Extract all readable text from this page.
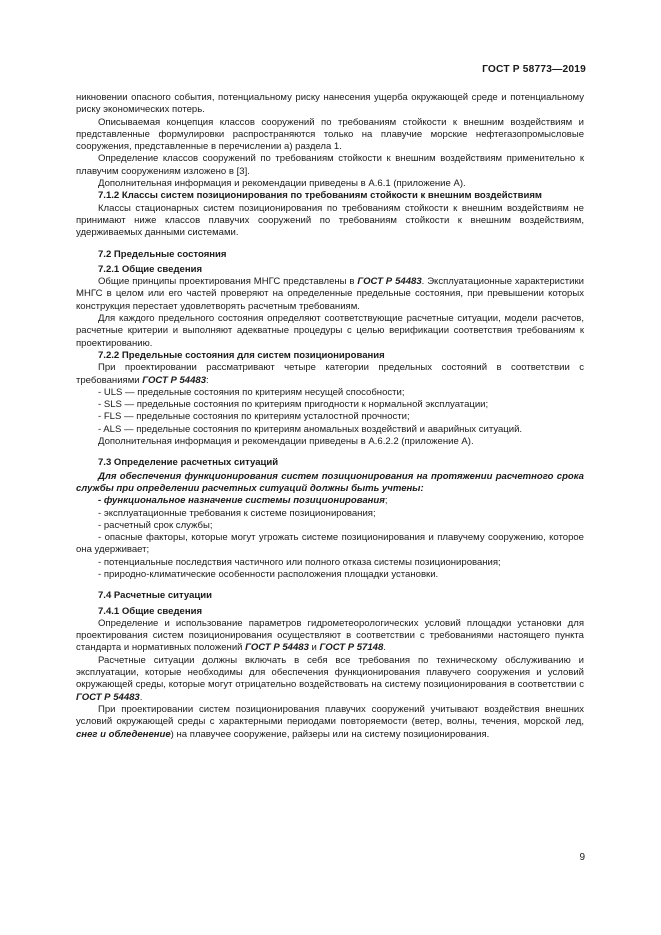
ГОСТ Р 58773—2019

никновении опасного события, потенциальному риску нанесения ущерба окружающей среде и потенциальному риску экономических потерь.

Описываемая концепция классов сооружений по требованиям стойкости к внешним воздействиям и представленные формулировки распространяются только на плавучие морские нефтегазопромысловые сооружения, представленные в перечислении а) раздела 1.

Определение классов сооружений по требованиям стойкости к внешним воздействиям применительно к плавучим сооружениям изложено в [3].

Дополнительная информация и рекомендации приведены в А.6.1 (приложение А).

7.1.2 Классы систем позиционирования по требованиям стойкости к внешним воздействиям

Классы стационарных систем позиционирования по требованиям стойкости к внешним воздействиям не принимают ниже классов плавучих сооружений по требованиям стойкости к внешним воздействиям, удерживаемых данными системами.

7.2 Предельные состояния

7.2.1 Общие сведения

Общие принципы проектирования МНГС представлены в ГОСТ Р 54483. Эксплуатационные характеристики МНГС в целом или его частей проверяют на определенные предельные состояния, при превышении которых конструкция перестает удовлетворять расчетным требованиям.

Для каждого предельного состояния определяют соответствующие расчетные ситуации, модели расчетов, расчетные критерии и выполняют адекватные процедуры с целью верификации соответствия требованиям к проектированию.

7.2.2 Предельные состояния для систем позиционирования

При проектировании рассматривают четыре категории предельных состояний в соответствии с требованиями ГОСТ Р 54483:

- ULS — предельные состояния по критериям несущей способности;

- SLS — предельные состояния по критериям пригодности к нормальной эксплуатации;

- FLS — предельные состояния по критериям усталостной прочности;

- ALS — предельные состояния по критериям аномальных воздействий и аварийных ситуаций.

Дополнительная информация и рекомендации приведены в А.6.2.2 (приложение А).

7.3 Определение расчетных ситуаций

Для обеспечения функционирования систем позиционирования на протяжении расчетного срока службы при определении расчетных ситуаций должны быть учтены:

- функциональное назначение системы позиционирования;

- эксплуатационные требования к системе позиционирования;

- расчетный срок службы;

- опасные факторы, которые могут угрожать системе позиционирования и плавучему сооружению, которое она удерживает;

- потенциальные последствия частичного или полного отказа системы позиционирования;

- природно-климатические особенности расположения площадки установки.

7.4 Расчетные ситуации

7.4.1 Общие сведения

Определение и использование параметров гидрометеорологических условий площадки установки для проектирования систем позиционирования осуществляют в соответствии с требованиями настоящего пункта стандарта и нормативных положений ГОСТ Р 54483 и ГОСТ Р 57148.

Расчетные ситуации должны включать в себя все требования по техническому обслуживанию и эксплуатации, которые необходимы для обеспечения функционирования плавучего сооружения и условий окружающей среды, которые могут отрицательно воздействовать на систему позиционирования в соответствии с ГОСТ Р 54483.

При проектировании систем позиционирования плавучих сооружений учитывают воздействия внешних условий окружающей среды с характерными периодами повторяемости (ветер, волны, течения, морской лед, снег и обледенение) на плавучее сооружение, райзеры или на систему позиционирования.

9
